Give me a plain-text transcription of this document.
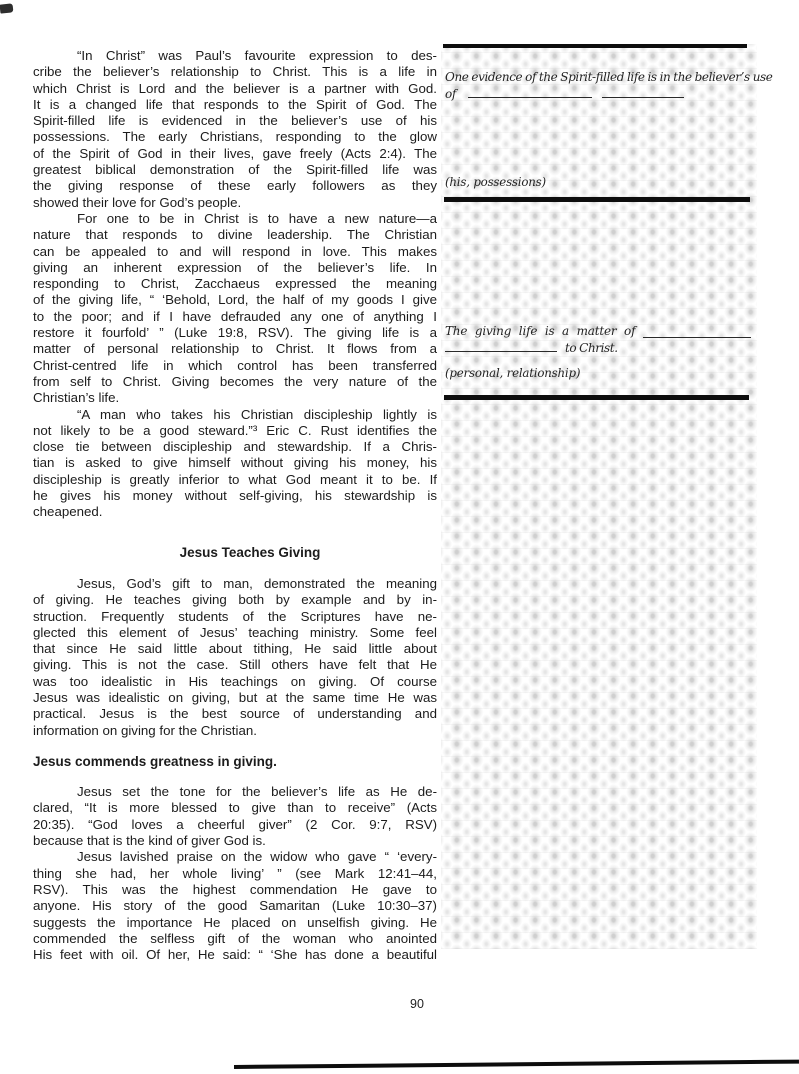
“In Christ” was Paul’s favourite expression to des-
cribe the believer’s relationship to Christ. This is a life in
which Christ is Lord and the believer is a partner with God.
It is a changed life that responds to the Spirit of God. The
Spirit-filled life is evidenced in the believer’s use of his
possessions. The early Christians, responding to the glow
of the Spirit of God in their lives, gave freely (Acts 2:4). The
greatest biblical demonstration of the Spirit-filled life was
the giving response of these early followers as they
showed their love for God’s people.
For one to be in Christ is to have a new nature—a
nature that responds to divine leadership. The Christian
can be appealed to and will respond in love. This makes
giving an inherent expression of the believer’s life. In
responding to Christ, Zacchaeus expressed the meaning
of the giving life, “ ‘Behold, Lord, the half of my goods I give
to the poor; and if I have defrauded any one of anything I
restore it fourfold’ ” (Luke 19:8, RSV). The giving life is a
matter of personal relationship to Christ. It flows from a
Christ-centred life in which control has been transferred
from self to Christ. Giving becomes the very nature of the
Christian’s life.
“A man who takes his Christian discipleship lightly is
not likely to be a good steward.”³ Eric C. Rust identifies the
close tie between discipleship and stewardship. If a Chris-
tian is asked to give himself without giving his money, his
discipleship is greatly inferior to what God meant it to be. If
he gives his money without self-giving, his stewardship is
cheapened.
Jesus Teaches Giving
Jesus, God’s gift to man, demonstrated the meaning
of giving. He teaches giving both by example and by in-
struction. Frequently students of the Scriptures have ne-
glected this element of Jesus’ teaching ministry. Some feel
that since He said little about tithing, He said little about
giving. This is not the case. Still others have felt that He
was too idealistic in His teachings on giving. Of course
Jesus was idealistic on giving, but at the same time He was
practical. Jesus is the best source of understanding and
information on giving for the Christian.
Jesus commends greatness in giving.
Jesus set the tone for the believer’s life as He de-
clared, “It is more blessed to give than to receive” (Acts
20:35). “God loves a cheerful giver” (2 Cor. 9:7, RSV)
because that is the kind of giver God is.
Jesus lavished praise on the widow who gave “ ‘every-
thing she had, her whole living’ ” (see Mark 12:41–44,
RSV). This was the highest commendation He gave to
anyone. His story of the good Samaritan (Luke 10:30–37)
suggests the importance He placed on unselfish giving. He
commended the selfless gift of the woman who anointed
His feet with oil. Of her, He said: “ ‘She has done a beautiful
One evidence of the Spirit-filled life is in the believer’s use
of
(his, possessions)
The giving life is a matter of
to Christ.
(personal, relationship)
90
